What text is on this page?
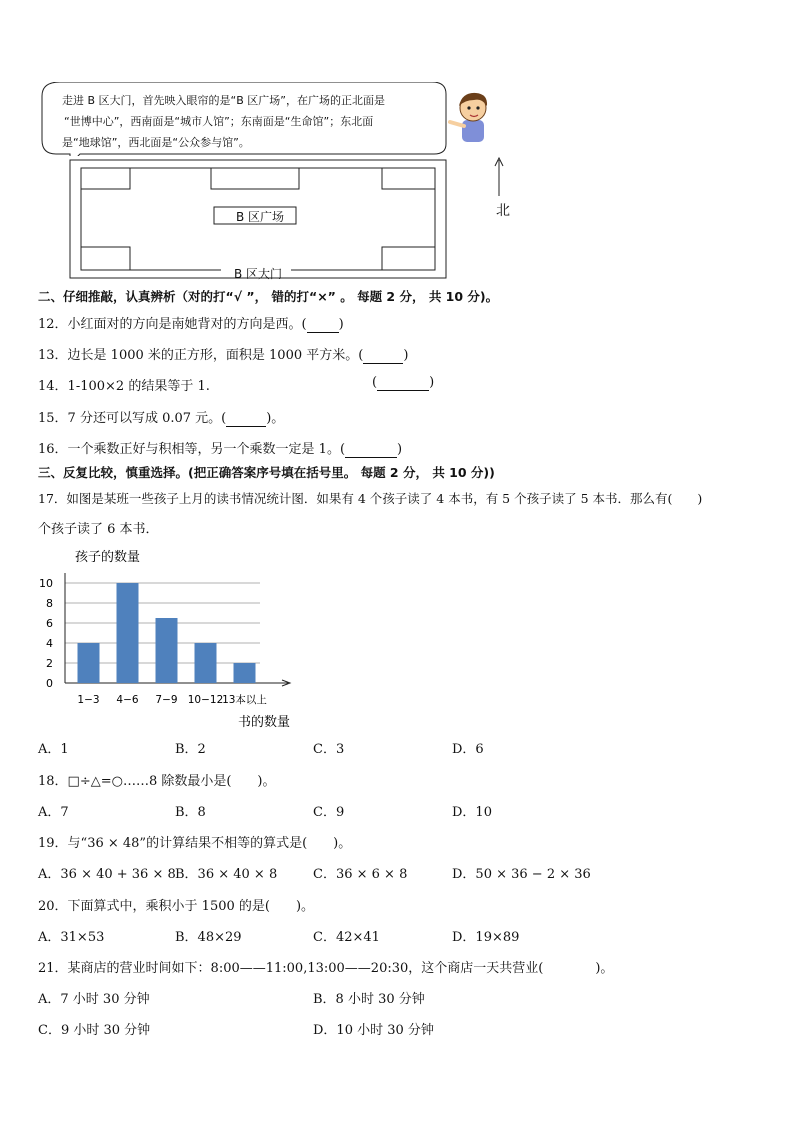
走进 B 区大门，首先映入眼帘的是“B 区广场”，在广场的正北面是
“世博中心”，西南面是“城市人馆”；东南面是“生命馆”；东北面
是“地球馆”，西北面是“公众参与馆”。
B 区广场
B 区大门
北
二、仔细推敲，认真辨析（对的打“√ ”， 错的打“×” 。 每题 2 分， 共 10 分)。
12．小红面对的方向是南她背对的方向是西。( )
13．边长是 1000 米的正方形，面积是 1000 平方米。(	)
14．1-100×2 的结果等于 1.	(	)
15．7 分还可以写成 0.07 元。(	)。
16．一个乘数正好与积相等，另一个乘数一定是 1。(	)
三、反复比较，慎重选择。(把正确答案序号填在括号里。 每题 2 分， 共 10 分))
17．如图是某班一些孩子上月的读书情况统计图．如果有 4 个孩子读了 4 本书，有 5 个孩子读了 5 本书．那么有(　　)
个孩子读了 6 本书．
0
2
4
6
8
10
1−3 4−6 7−9 10−12
13本以上
孩子的数量
书的数量
A．1	B．2	C．3	D．6
18．□÷△=○……8 除数最小是(　　)。
A．7	B．8	C．9	D．10
19．与“36 × 48”的计算结果不相等的算式是(　　)。
A．36 × 40 + 36 × 8 B．36 × 40 × 8	C．36 × 6 × 8	D．50 × 36 − 2 × 36
20．下面算式中，乘积小于 1500 的是(　　)。
A．31×53	B．48×29	C．42×41	D．19×89
21．某商店的营业时间如下：8:00——11:00,13:00——20:30，这个商店一天共营业(　　　　)。
A．7 小时 30 分钟	B．8 小时 30 分钟
C．9 小时 30 分钟	D．10 小时 30 分钟
